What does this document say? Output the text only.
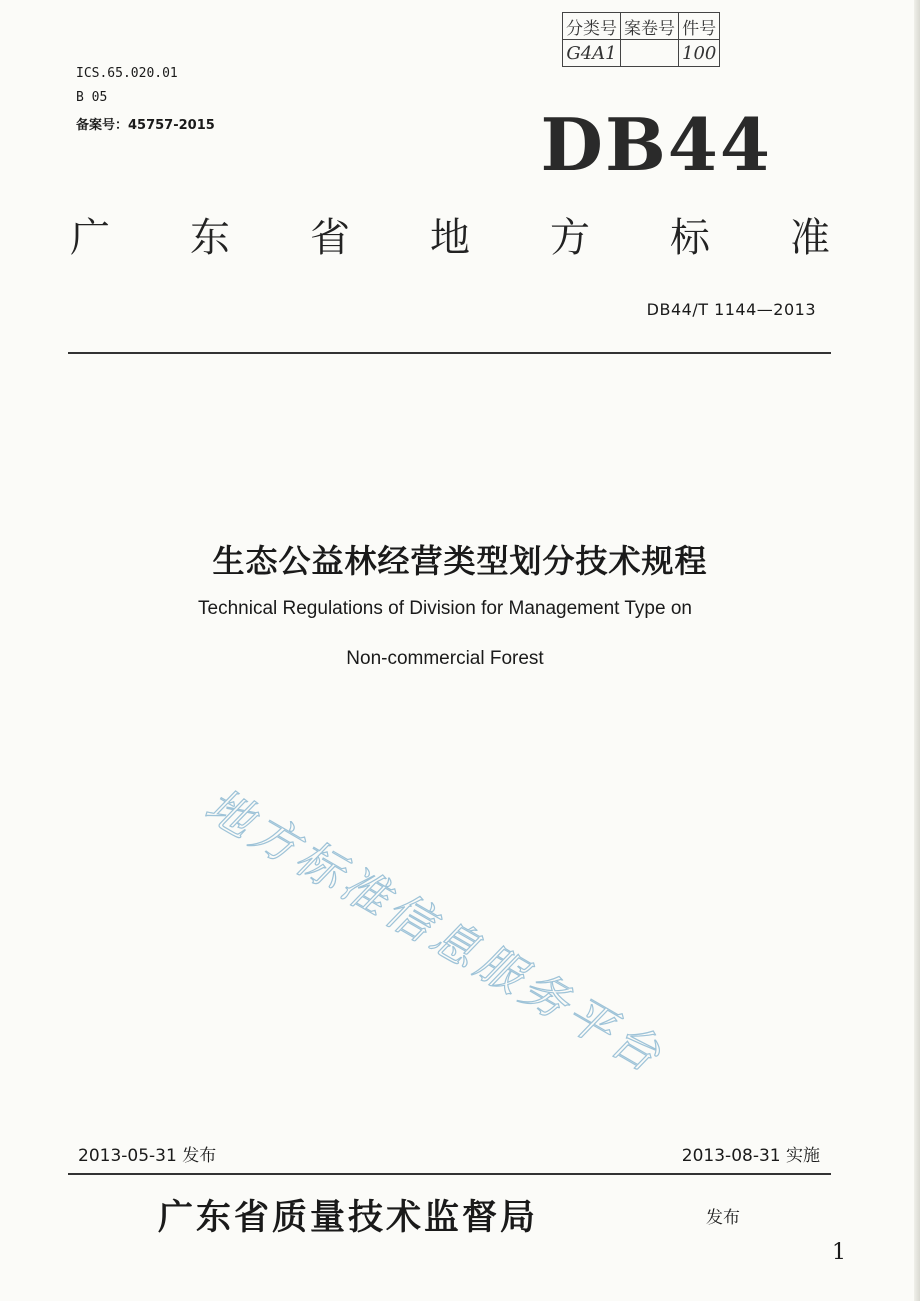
分类号	案卷号	件号
G4A1		100
ICS.65.020.01
B 05
备案号：45757-2015	DB44
广 东 省 地 方 标 准
DB44/T 1144—2013
生态公益林经营类型划分技术规程
Technical Regulations of Division for Management Type on
Non-commercial Forest
地方标准信息服务平台
2013-05-31 发布	2013-08-31 实施
广东省质量技术监督局	发布
1
